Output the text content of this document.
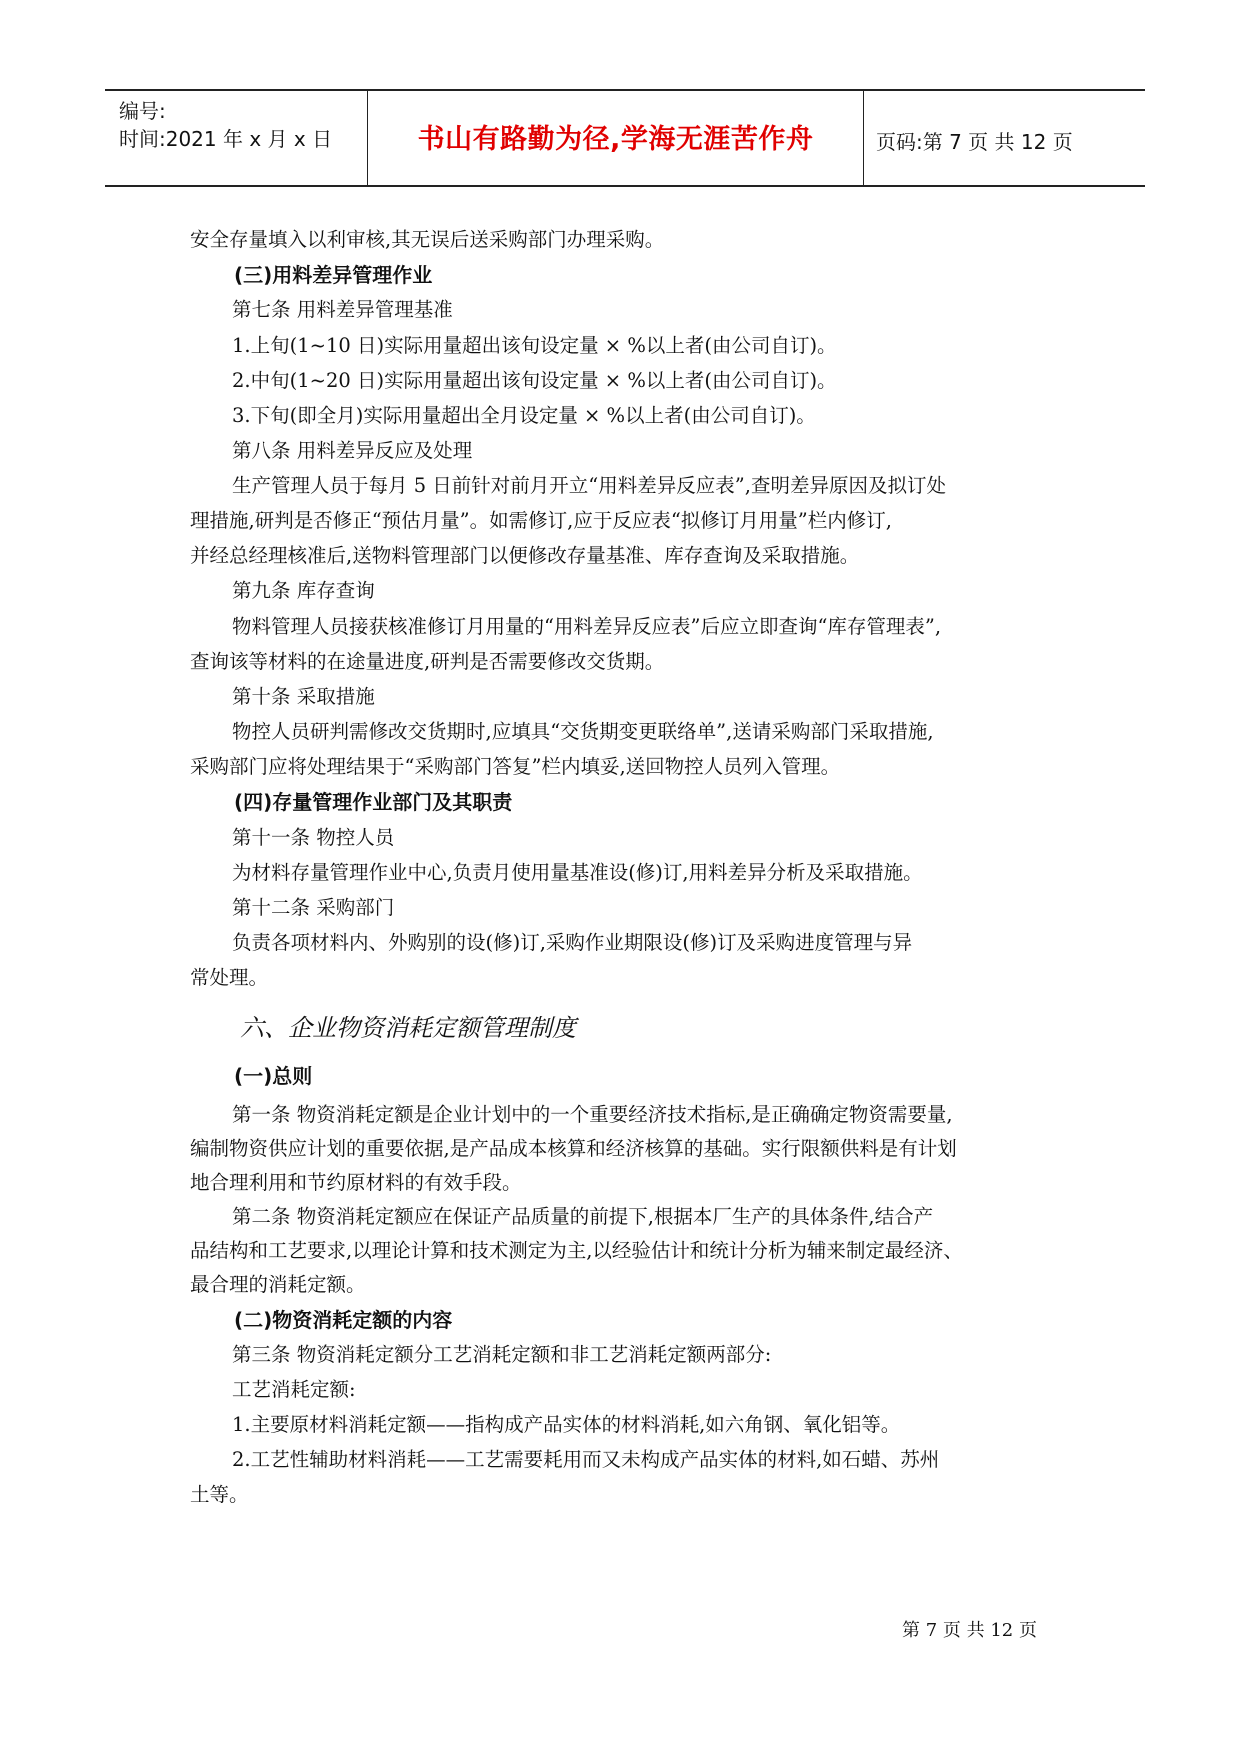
编号:
时间:2021 年 x 月 x 日	书山有路勤为径,学海无涯苦作舟	页码:第 7 页 共 12 页
安全存量填入以利审核,其无误后送采购部门办理采购。
(三)用料差异管理作业
第七条 用料差异管理基准
1.上旬(1~10 日)实际用量超出该旬设定量 × %以上者(由公司自订)。
2.中旬(1~20 日)实际用量超出该旬设定量 × %以上者(由公司自订)。
3.下旬(即全月)实际用量超出全月设定量 × %以上者(由公司自订)。
第八条 用料差异反应及处理
生产管理人员于每月 5 日前针对前月开立“用料差异反应表”,查明差异原因及拟订处
理措施,研判是否修正“预估月量”。如需修订,应于反应表“拟修订月用量”栏内修订,
并经总经理核准后,送物料管理部门以便修改存量基准、库存查询及采取措施。
第九条 库存查询
物料管理人员接获核准修订月用量的“用料差异反应表”后应立即查询“库存管理表”,
查询该等材料的在途量进度,研判是否需要修改交货期。
第十条 采取措施
物控人员研判需修改交货期时,应填具“交货期变更联络单”,送请采购部门采取措施,
采购部门应将处理结果于“采购部门答复”栏内填妥,送回物控人员列入管理。
(四)存量管理作业部门及其职责
第十一条 物控人员
为材料存量管理作业中心,负责月使用量基准设(修)订,用料差异分析及采取措施。
第十二条 采购部门
负责各项材料内、外购别的设(修)订,采购作业期限设(修)订及采购进度管理与异
常处理。
六、企业物资消耗定额管理制度
(一)总则
第一条 物资消耗定额是企业计划中的一个重要经济技术指标,是正确确定物资需要量,
编制物资供应计划的重要依据,是产品成本核算和经济核算的基础。实行限额供料是有计划
地合理利用和节约原材料的有效手段。
第二条 物资消耗定额应在保证产品质量的前提下,根据本厂生产的具体条件,结合产
品结构和工艺要求,以理论计算和技术测定为主,以经验估计和统计分析为辅来制定最经济、
最合理的消耗定额。
(二)物资消耗定额的内容
第三条 物资消耗定额分工艺消耗定额和非工艺消耗定额两部分:
工艺消耗定额:
1.主要原材料消耗定额——指构成产品实体的材料消耗,如六角钢、氧化铝等。
2.工艺性辅助材料消耗——工艺需要耗用而又未构成产品实体的材料,如石蜡、苏州
土等。
第 7 页 共 12 页
